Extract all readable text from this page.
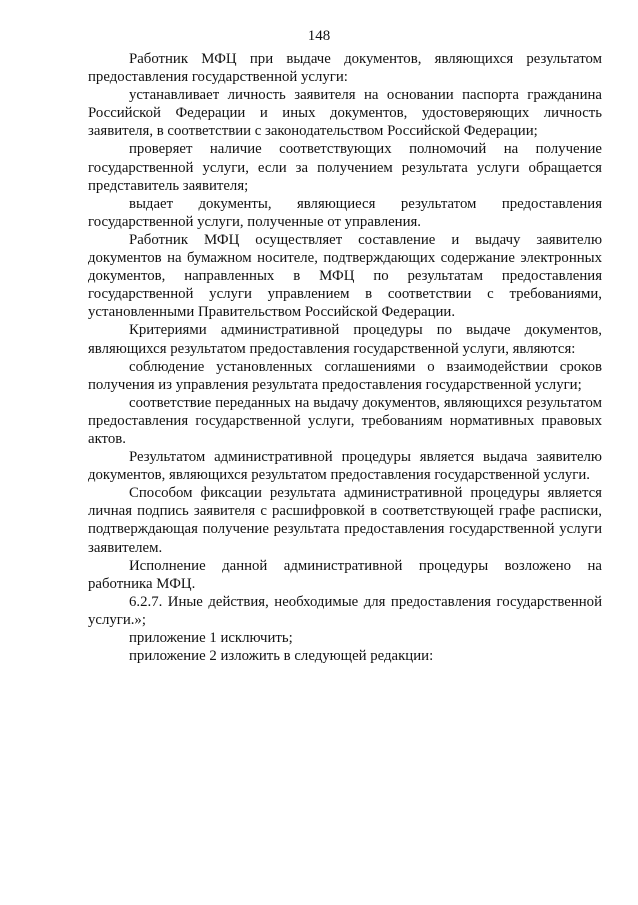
148

Работник МФЦ при выдаче документов, являющихся результатом предоставления государственной услуги:

устанавливает личность заявителя на основании паспорта гражданина Российской Федерации и иных документов, удостоверяющих личность заявителя, в соответствии с законодательством Российской Федерации;

проверяет наличие соответствующих полномочий на получение государственной услуги, если за получением результата услуги обращается представитель заявителя;

выдает документы, являющиеся результатом предоставления государственной услуги, полученные от управления.

Работник МФЦ осуществляет составление и выдачу заявителю документов на бумажном носителе, подтверждающих содержание электронных документов, направленных в МФЦ по результатам предоставления государственной услуги управлением в соответствии с требованиями, установленными Правительством Российской Федерации.

Критериями административной процедуры по выдаче документов, являющихся результатом предоставления государственной услуги, являются:

соблюдение установленных соглашениями о взаимодействии сроков получения из управления результата предоставления государственной услуги;

соответствие переданных на выдачу документов, являющихся результатом предоставления государственной услуги, требованиям нормативных правовых актов.

Результатом административной процедуры является выдача заявителю документов, являющихся результатом предоставления государственной услуги.

Способом фиксации результата административной процедуры является личная подпись заявителя с расшифровкой в соответствующей графе расписки, подтверждающая получение результата предоставления государственной услуги заявителем.

Исполнение данной административной процедуры возложено на работника МФЦ.

6.2.7. Иные действия, необходимые для предоставления государственной услуги.»;

приложение 1 исключить;

приложение 2 изложить в следующей редакции:
